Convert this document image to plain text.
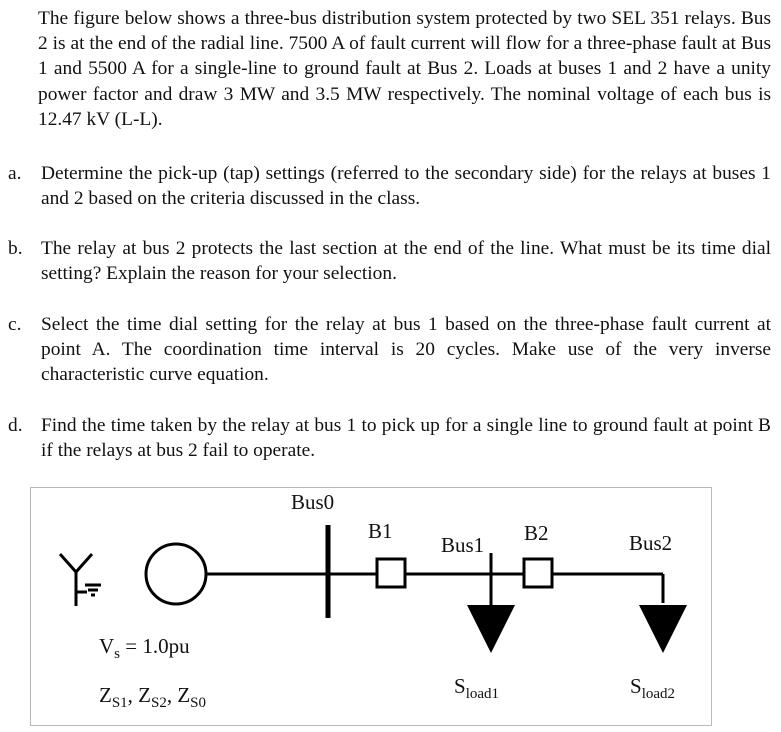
The figure below shows a three-bus distribution system protected by two SEL 351 relays. Bus 2 is at the end of the radial line. 7500 A of fault current will flow for a three-phase fault at Bus 1 and 5500 A for a single-line to ground fault at Bus 2. Loads at buses 1 and 2 have a unity power factor and draw 3 MW and 3.5 MW respectively. The nominal voltage of each bus is 12.47 kV (L-L).

a. Determine the pick-up (tap) settings (referred to the secondary side) for the relays at buses 1 and 2 based on the criteria discussed in the class.
b. The relay at bus 2 protects the last section at the end of the line. What must be its time dial setting? Explain the reason for your selection.
c. Select the time dial setting for the relay at bus 1 based on the three-phase fault current at point A. The coordination time interval is 20 cycles. Make use of the very inverse characteristic curve equation.
d. Find the time taken by the relay at bus 1 to pick up for a single line to ground fault at point B if the relays at bus 2 fail to operate.
Bus0
B1
Bus1 B2	Bus2
$V_s = 1.0pu$
$Z_{S1}$, $Z_{S2}$, $Z_{S0}$
$S_{load1}$	$S_{load2}$
